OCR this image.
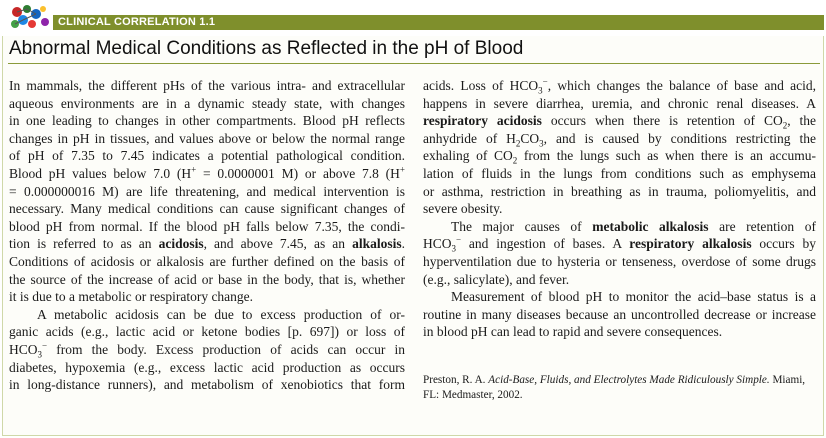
CLINICAL CORRELATION 1.1
Abnormal Medical Conditions as Reflected in the pH of Blood
In mammals, the different pHs of the various intra- and extracellular
aqueous environments are in a dynamic steady state, with changes
in one leading to changes in other compartments. Blood pH reflects
changes in pH in tissues, and values above or below the normal range
of pH of 7.35 to 7.45 indicates a potential pathological condition.
Blood pH values below 7.0 (H+ = 0.0000001 M) or above 7.8 (H+
= 0.000000016 M) are life threatening, and medical intervention is
necessary. Many medical conditions can cause significant changes of
blood pH from normal. If the blood pH falls below 7.35, the condi-
tion is referred to as an acidosis, and above 7.45, as an alkalosis.
Conditions of acidosis or alkalosis are further defined on the basis of
the source of the increase of acid or base in the body, that is, whether
it is due to a metabolic or respiratory change.
A metabolic acidosis can be due to excess production of or-
ganic acids (e.g., lactic acid or ketone bodies [p. 697]) or loss of
$HCO_3^-$ from the body. Excess production of acids can occur in
diabetes, hypoxemia (e.g., excess lactic acid production as occurs
in long-distance runners), and metabolism of xenobiotics that form
acids. Loss of $HCO_3^-$, which changes the balance of base and acid,
happens in severe diarrhea, uremia, and chronic renal diseases. A
respiratory acidosis occurs when there is retention of $CO_2$, the
anhydride of $H_2CO_3$, and is caused by conditions restricting the
exhaling of $CO_2$ from the lungs such as when there is an accumu-
lation of fluids in the lungs from conditions such as emphysema
or asthma, restriction in breathing as in trauma, poliomyelitis, and
severe obesity.
The major causes of metabolic alkalosis are retention of
$HCO_3^-$ and ingestion of bases. A respiratory alkalosis occurs by
hyperventilation due to hysteria or tenseness, overdose of some drugs
(e.g., salicylate), and fever.
Measurement of blood pH to monitor the acid–base status is a
routine in many diseases because an uncontrolled decrease or increase
in blood pH can lead to rapid and severe consequences.
Preston, R. A. Acid-Base, Fluids, and Electrolytes Made Ridiculously Simple. Miami, FL: Medmaster, 2002.
